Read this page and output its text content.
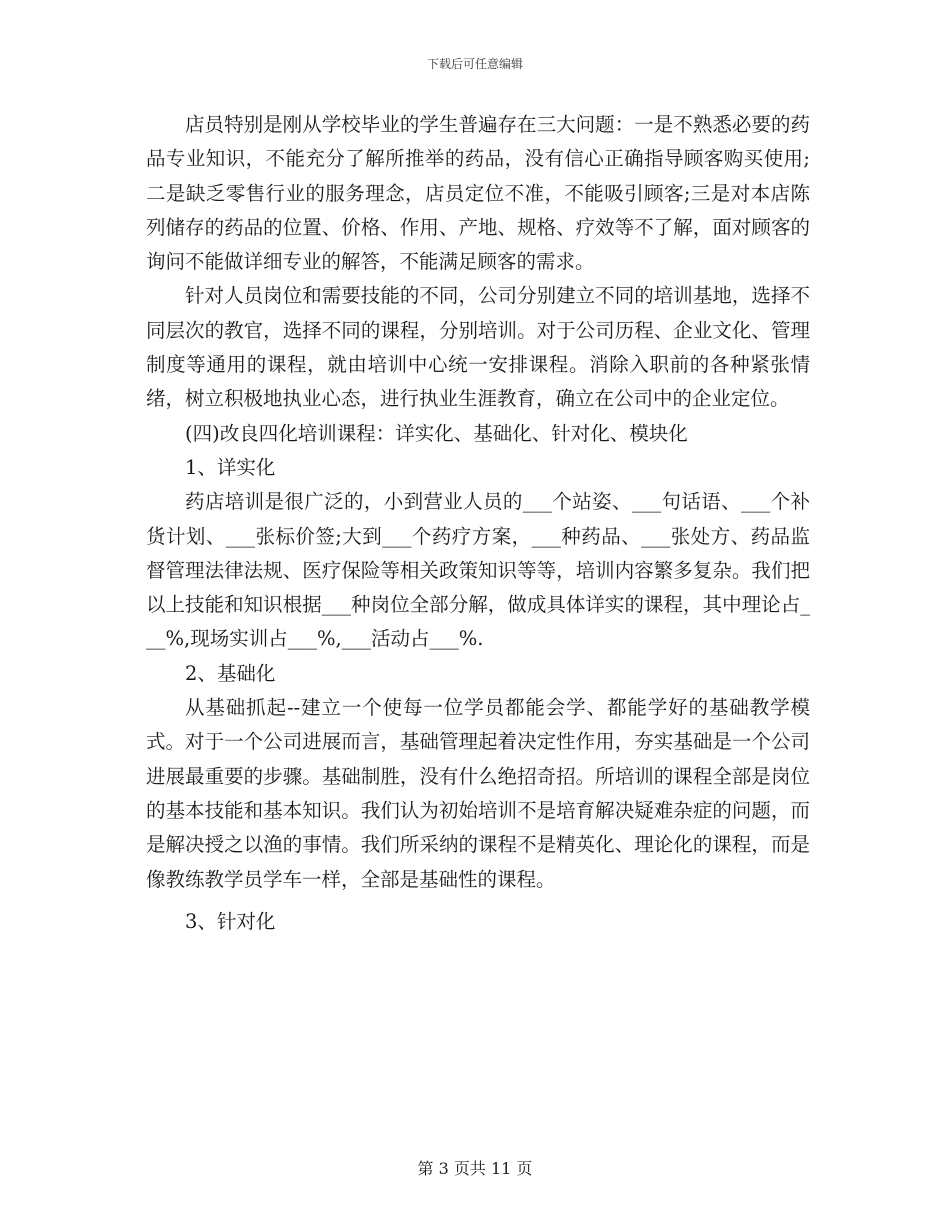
下载后可任意编辑

店员特别是刚从学校毕业的学生普遍存在三大问题：一是不熟悉必要的药品专业知识，不能充分了解所推举的药品，没有信心正确指导顾客购买使用;二是缺乏零售行业的服务理念，店员定位不准，不能吸引顾客;三是对本店陈列储存的药品的位置、价格、作用、产地、规格、疗效等不了解，面对顾客的询问不能做详细专业的解答，不能满足顾客的需求。

针对人员岗位和需要技能的不同，公司分别建立不同的培训基地，选择不同层次的教官，选择不同的课程，分别培训。对于公司历程、企业文化、管理制度等通用的课程，就由培训中心统一安排课程。消除入职前的各种紧张情绪，树立积极地执业心态，进行执业生涯教育，确立在公司中的企业定位。

(四)改良四化培训课程：详实化、基础化、针对化、模块化

1、详实化

药店培训是很广泛的，小到营业人员的___个站姿、___句话语、___个补货计划、___张标价签;大到___个药疗方案，___种药品、___张处方、药品监督管理法律法规、医疗保险等相关政策知识等等，培训内容繁多复杂。我们把以上技能和知识根据___种岗位全部分解，做成具体详实的课程，其中理论占___%,现场实训占___%,___活动占___%.

2、基础化

从基础抓起--建立一个使每一位学员都能会学、都能学好的基础教学模式。对于一个公司进展而言，基础管理起着决定性作用，夯实基础是一个公司进展最重要的步骤。基础制胜，没有什么绝招奇招。所培训的课程全部是岗位的基本技能和基本知识。我们认为初始培训不是培育解决疑难杂症的问题，而是解决授之以渔的事情。我们所采纳的课程不是精英化、理论化的课程，而是像教练教学员学车一样，全部是基础性的课程。

3、针对化

第 3 页共 11 页
